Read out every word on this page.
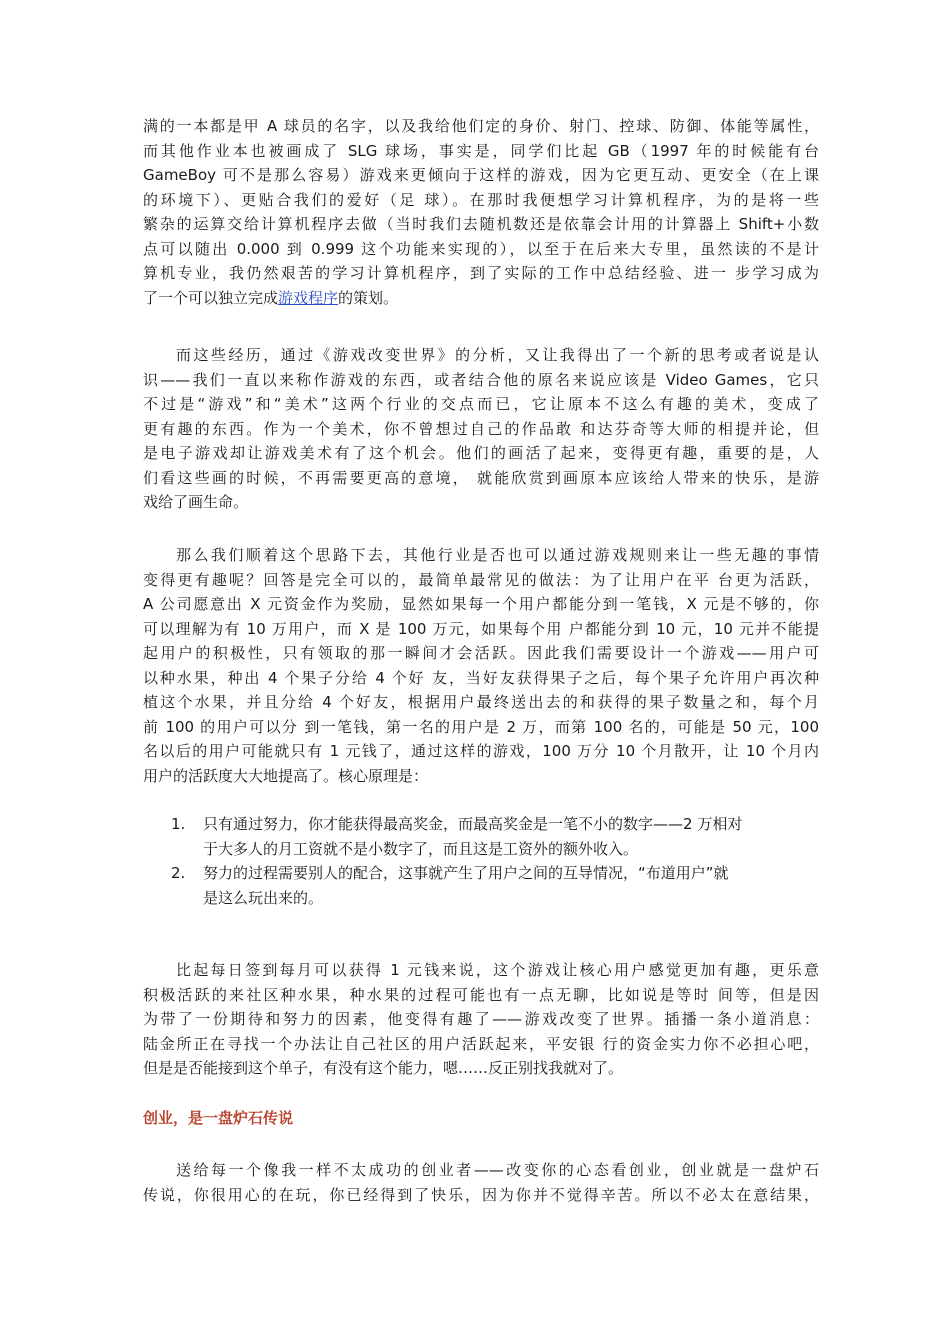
满的一本都是甲 A 球员的名字，以及我给他们定的身价、射门、控球、防御、体能等属性，
而其他作业本也被画成了 SLG 球场，事实是，同学们比起 GB（1997 年的时候能有台
GameBoy 可不是那么容易）游戏来更倾向于这样的游戏，因为它更互动、更安全（在上课
的环境下）、更贴合我们的爱好（足 球）。在那时我便想学习计算机程序，为的是将一些
繁杂的运算交给计算机程序去做（当时我们去随机数还是依靠会计用的计算器上 Shift+小数
点可以随出 0.000 到 0.999 这个功能来实现的），以至于在后来大专里，虽然读的不是计
算机专业，我仍然艰苦的学习计算机程序，到了实际的工作中总结经验、进一 步学习成为
了一个可以独立完成游戏程序的策划。
而这些经历，通过《游戏改变世界》的分析，又让我得出了一个新的思考或者说是认
识——我们一直以来称作游戏的东西，或者结合他的原名来说应该是 Video Games，它只
不过是“游戏”和“美术”这两个行业的交点而已，它让原本不这么有趣的美术，变成了
更有趣的东西。作为一个美术，你不曾想过自己的作品敢 和达芬奇等大师的相提并论，但
是电子游戏却让游戏美术有了这个机会。他们的画活了起来，变得更有趣，重要的是，人
们看这些画的时候，不再需要更高的意境， 就能欣赏到画原本应该给人带来的快乐，是游
戏给了画生命。
那么我们顺着这个思路下去，其他行业是否也可以通过游戏规则来让一些无趣的事情
变得更有趣呢？回答是完全可以的，最简单最常见的做法：为了让用户在平 台更为活跃，
A 公司愿意出 X 元资金作为奖励，显然如果每一个用户都能分到一笔钱，X 元是不够的，你
可以理解为有 10 万用户，而 X 是 100 万元，如果每个用 户都能分到 10 元，10 元并不能提
起用户的积极性，只有领取的那一瞬间才会活跃。因此我们需要设计一个游戏——用户可
以种水果，种出 4 个果子分给 4 个好 友，当好友获得果子之后，每个果子允许用户再次种
植这个水果，并且分给 4 个好友，根据用户最终送出去的和获得的果子数量之和，每个月
前 100 的用户可以分 到一笔钱，第一名的用户是 2 万，而第 100 名的，可能是 50 元，100
名以后的用户可能就只有 1 元钱了，通过这样的游戏，100 万分 10 个月散开，让 10 个月内
用户的活跃度大大地提高了。核心原理是：
1. 只有通过努力，你才能获得最高奖金，而最高奖金是一笔不小的数字——2 万相对
于大多人的月工资就不是小数字了，而且这是工资外的额外收入。
2. 努力的过程需要别人的配合，这事就产生了用户之间的互导情况，“布道用户”就
是这么玩出来的。
比起每日签到每月可以获得 1 元钱来说，这个游戏让核心用户感觉更加有趣，更乐意
积极活跃的来社区种水果，种水果的过程可能也有一点无聊，比如说是等时 间等，但是因
为带了一份期待和努力的因素，他变得有趣了——游戏改变了世界。插播一条小道消息：
陆金所正在寻找一个办法让自己社区的用户活跃起来，平安银 行的资金实力你不必担心吧，
但是是否能接到这个单子，有没有这个能力，嗯……反正别找我就对了。
创业，是一盘炉石传说
送给每一个像我一样不太成功的创业者——改变你的心态看创业，创业就是一盘炉石
传说，你很用心的在玩，你已经得到了快乐，因为你并不觉得辛苦。所以不必太在意结果，
